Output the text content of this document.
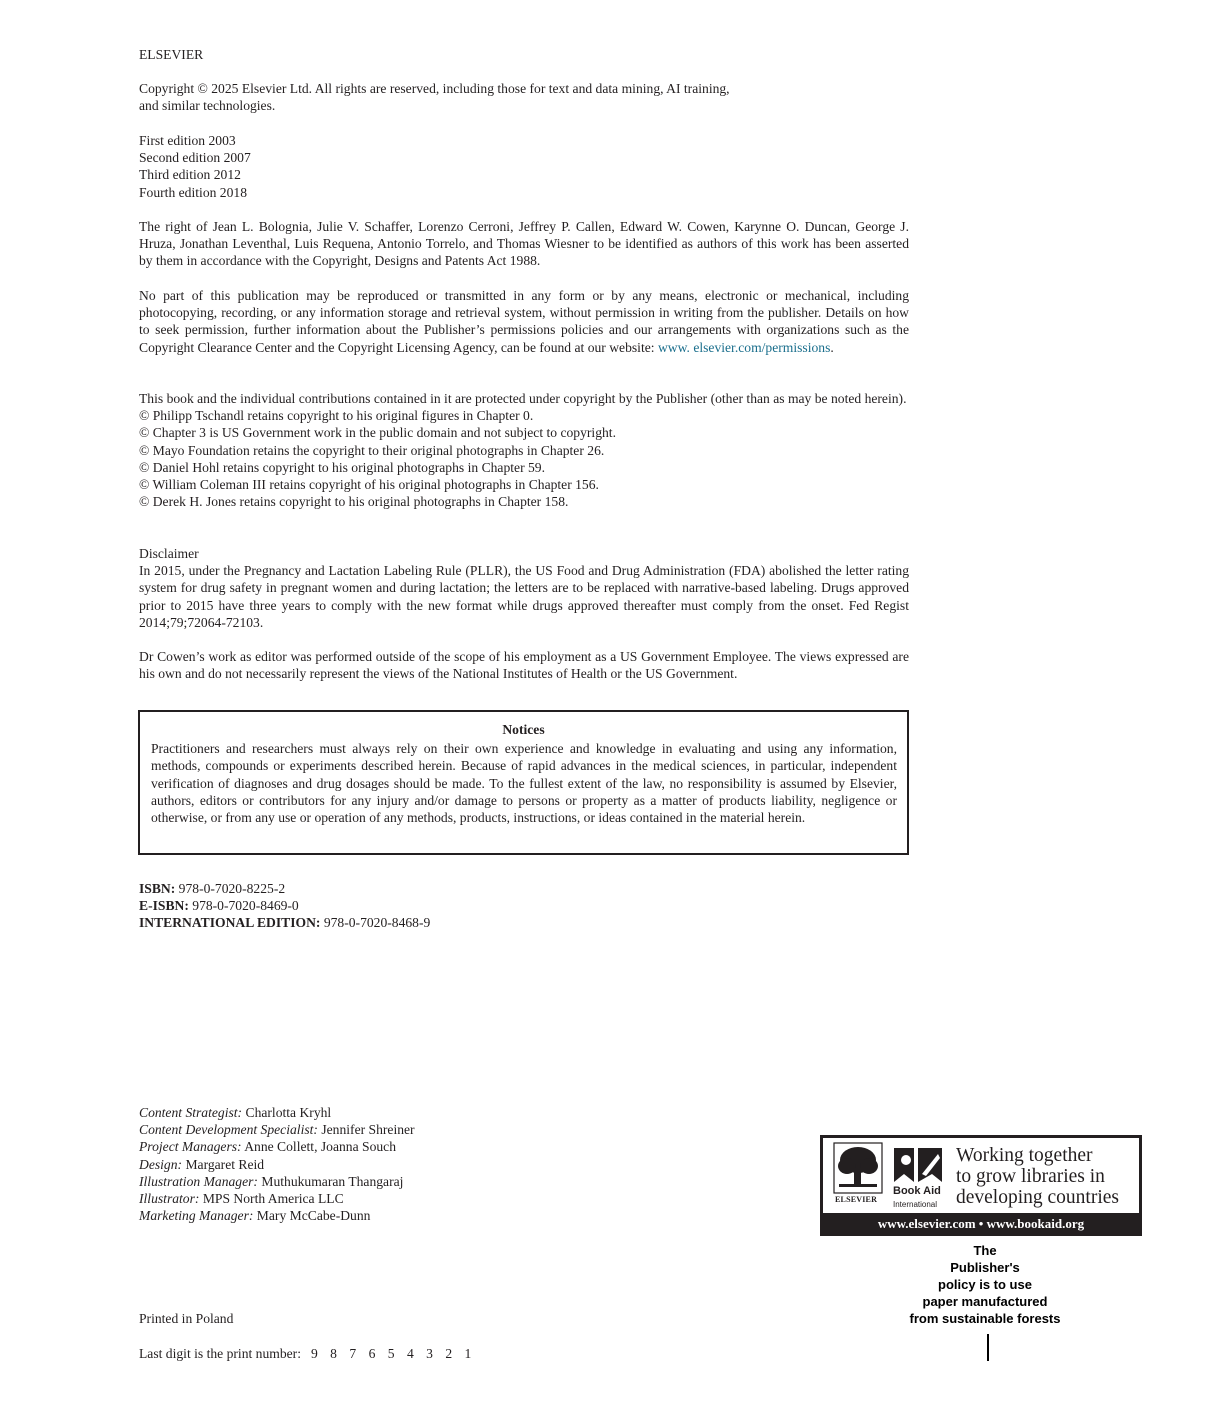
ELSEVIER
Copyright © 2025 Elsevier Ltd. All rights are reserved, including those for text and data mining, AI training,
and similar technologies.
First edition 2003
Second edition 2007
Third edition 2012
Fourth edition 2018
The right of Jean L. Bolognia, Julie V. Schaffer, Lorenzo Cerroni, Jeffrey P. Callen, Edward W. Cowen, Karynne O. Duncan, George J. Hruza, Jonathan Leventhal, Luis Requena, Antonio Torrelo, and Thomas Wiesner to be identified as authors of this work has been asserted by them in accordance with the Copyright, Designs and Patents Act 1988.
No part of this publication may be reproduced or transmitted in any form or by any means, electronic or mechanical, including photocopying, recording, or any information storage and retrieval system, without permission in writing from the publisher. Details on how to seek permission, further information about the Publisher’s permissions policies and our arrangements with organizations such as the Copyright Clearance Center and the Copyright Licensing Agency, can be found at our website: www. elsevier.com/permissions.
This book and the individual contributions contained in it are protected under copyright by the Publisher (other than as may be noted herein).
© Philipp Tschandl retains copyright to his original figures in Chapter 0.
© Chapter 3 is US Government work in the public domain and not subject to copyright.
© Mayo Foundation retains the copyright to their original photographs in Chapter 26.
© Daniel Hohl retains copyright to his original photographs in Chapter 59.
© William Coleman III retains copyright of his original photographs in Chapter 156.
© Derek H. Jones retains copyright to his original photographs in Chapter 158.
Disclaimer
In 2015, under the Pregnancy and Lactation Labeling Rule (PLLR), the US Food and Drug Administration (FDA) abolished the letter rating system for drug safety in pregnant women and during lactation; the letters are to be replaced with narrative-based labeling. Drugs approved prior to 2015 have three years to comply with the new format while drugs approved thereafter must comply from the onset. Fed Regist 2014;79;72064-72103.
Dr Cowen’s work as editor was performed outside of the scope of his employment as a US Government Employee. The views expressed are his own and do not necessarily represent the views of the National Institutes of Health or the US Government.
Notices
Practitioners and researchers must always rely on their own experience and knowledge in evaluating and using any information, methods, compounds or experiments described herein. Because of rapid advances in the medical sciences, in particular, independent verification of diagnoses and drug dosages should be made. To the fullest extent of the law, no responsibility is assumed by Elsevier, authors, editors or contributors for any injury and/or damage to persons or property as a matter of products liability, negligence or otherwise, or from any use or operation of any methods, products, instructions, or ideas contained in the material herein.
ISBN: 978-0-7020-8225-2
E-ISBN: 978-0-7020-8469-0
INTERNATIONAL EDITION: 978-0-7020-8468-9
Content Strategist: Charlotta Kryhl
Content Development Specialist: Jennifer Shreiner
Project Managers: Anne Collett, Joanna Souch
Design: Margaret Reid
Illustration Manager: Muthukumaran Thangaraj
Illustrator: MPS North America LLC
Marketing Manager: Mary McCabe-Dunn
Printed in Poland
Last digit is the print number: 9 8 7 6 5 4 3 2 1
ELSEVIER
Book Aid
International
Working together
to grow libraries in
developing countries
www.elsevier.com • www.bookaid.org
The
Publisher's
policy is to use
paper manufactured
from sustainable forests
